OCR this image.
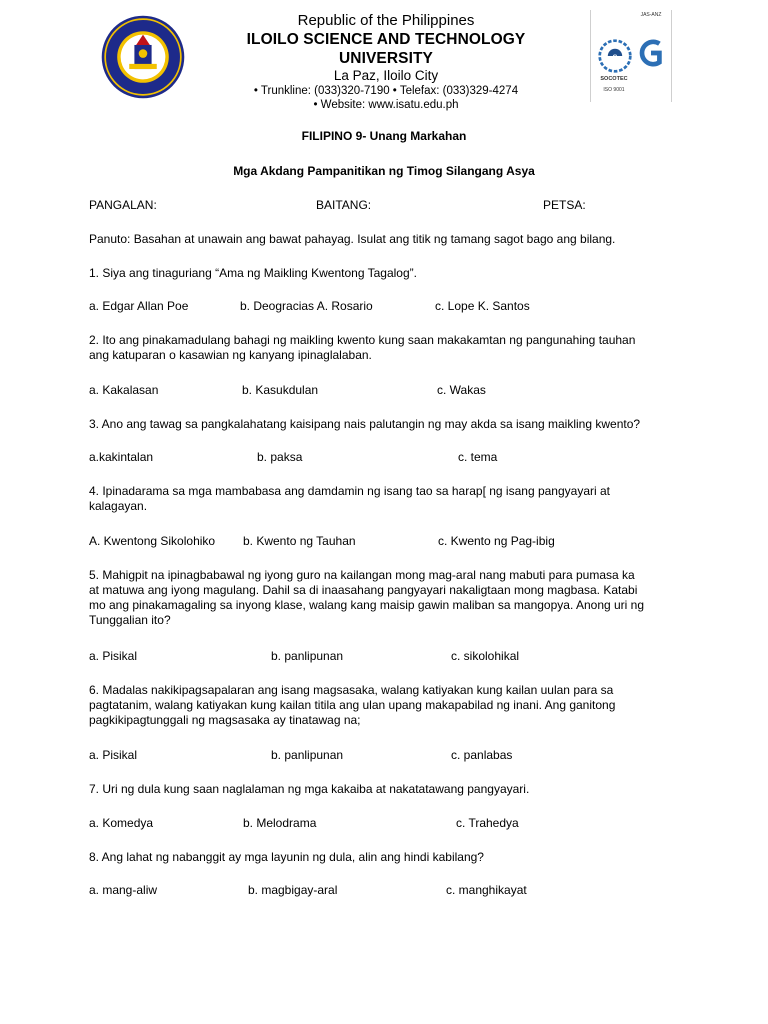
Republic of the Philippines
ILOILO SCIENCE AND TECHNOLOGY UNIVERSITY
La Paz, Iloilo City
• Trunkline: (033)320-7190 • Telefax: (033)329-4274
• Website: www.isatu.edu.ph
JAS-ANZ
S
SOCOTEC
ISO 9001
FILIPINO 9- Unang Markahan
Mga Akdang Pampanitikan ng Timog Silangang Asya
PANGALAN:	BAITANG:	PETSA:
Panuto: Basahan at unawain ang bawat pahayag. Isulat ang titik ng tamang sagot bago ang bilang.
1. Siya ang tinaguriang “Ama ng Maikling Kwentong Tagalog”.
a. Edgar Allan Poe	b. Deogracias A. Rosario	c. Lope K. Santos
2. Ito ang pinakamadulang bahagi ng maikling kwento kung saan makakamtan ng pangunahing tauhan
ang katuparan o kasawian ng kanyang ipinaglalaban.
a. Kakalasan	b. Kasukdulan	c. Wakas
3. Ano ang tawag sa pangkalahatang kaisipang nais palutangin ng may akda sa isang maikling kwento?
a.kakintalan	b. paksa	c. tema
4. Ipinadarama sa mga mambabasa ang damdamin ng isang tao sa harap[ ng isang pangyayari at
kalagayan.
A. Kwentong Sikolohiko b. Kwento ng Tauhan	c. Kwento ng Pag-ibig
5. Mahigpit na ipinagbabawal ng iyong guro na kailangan mong mag-aral nang mabuti para pumasa ka
at matuwa ang iyong magulang. Dahil sa di inaasahang pangyayari nakaligtaan mong magbasa. Katabi
mo ang pinakamagaling sa inyong klase, walang kang maisip gawin maliban sa mangopya. Anong uri ng
Tunggalian ito?
a. Pisikal	b. panlipunan	c. sikolohikal
6. Madalas nakikipagsapalaran ang isang magsasaka, walang katiyakan kung kailan uulan para sa
pagtatanim, walang katiyakan kung kailan titila ang ulan upang makapabilad ng inani. Ang ganitong
pagkikipagtunggali ng magsasaka ay tinatawag na;
a. Pisikal	b. panlipunan	c. panlabas
7. Uri ng dula kung saan naglalaman ng mga kakaiba at nakatatawang pangyayari.
a. Komedya	b. Melodrama	c. Trahedya
8. Ang lahat ng nabanggit ay mga layunin ng dula, alin ang hindi kabilang?
a. mang-aliw	b. magbigay-aral	c. manghikayat
